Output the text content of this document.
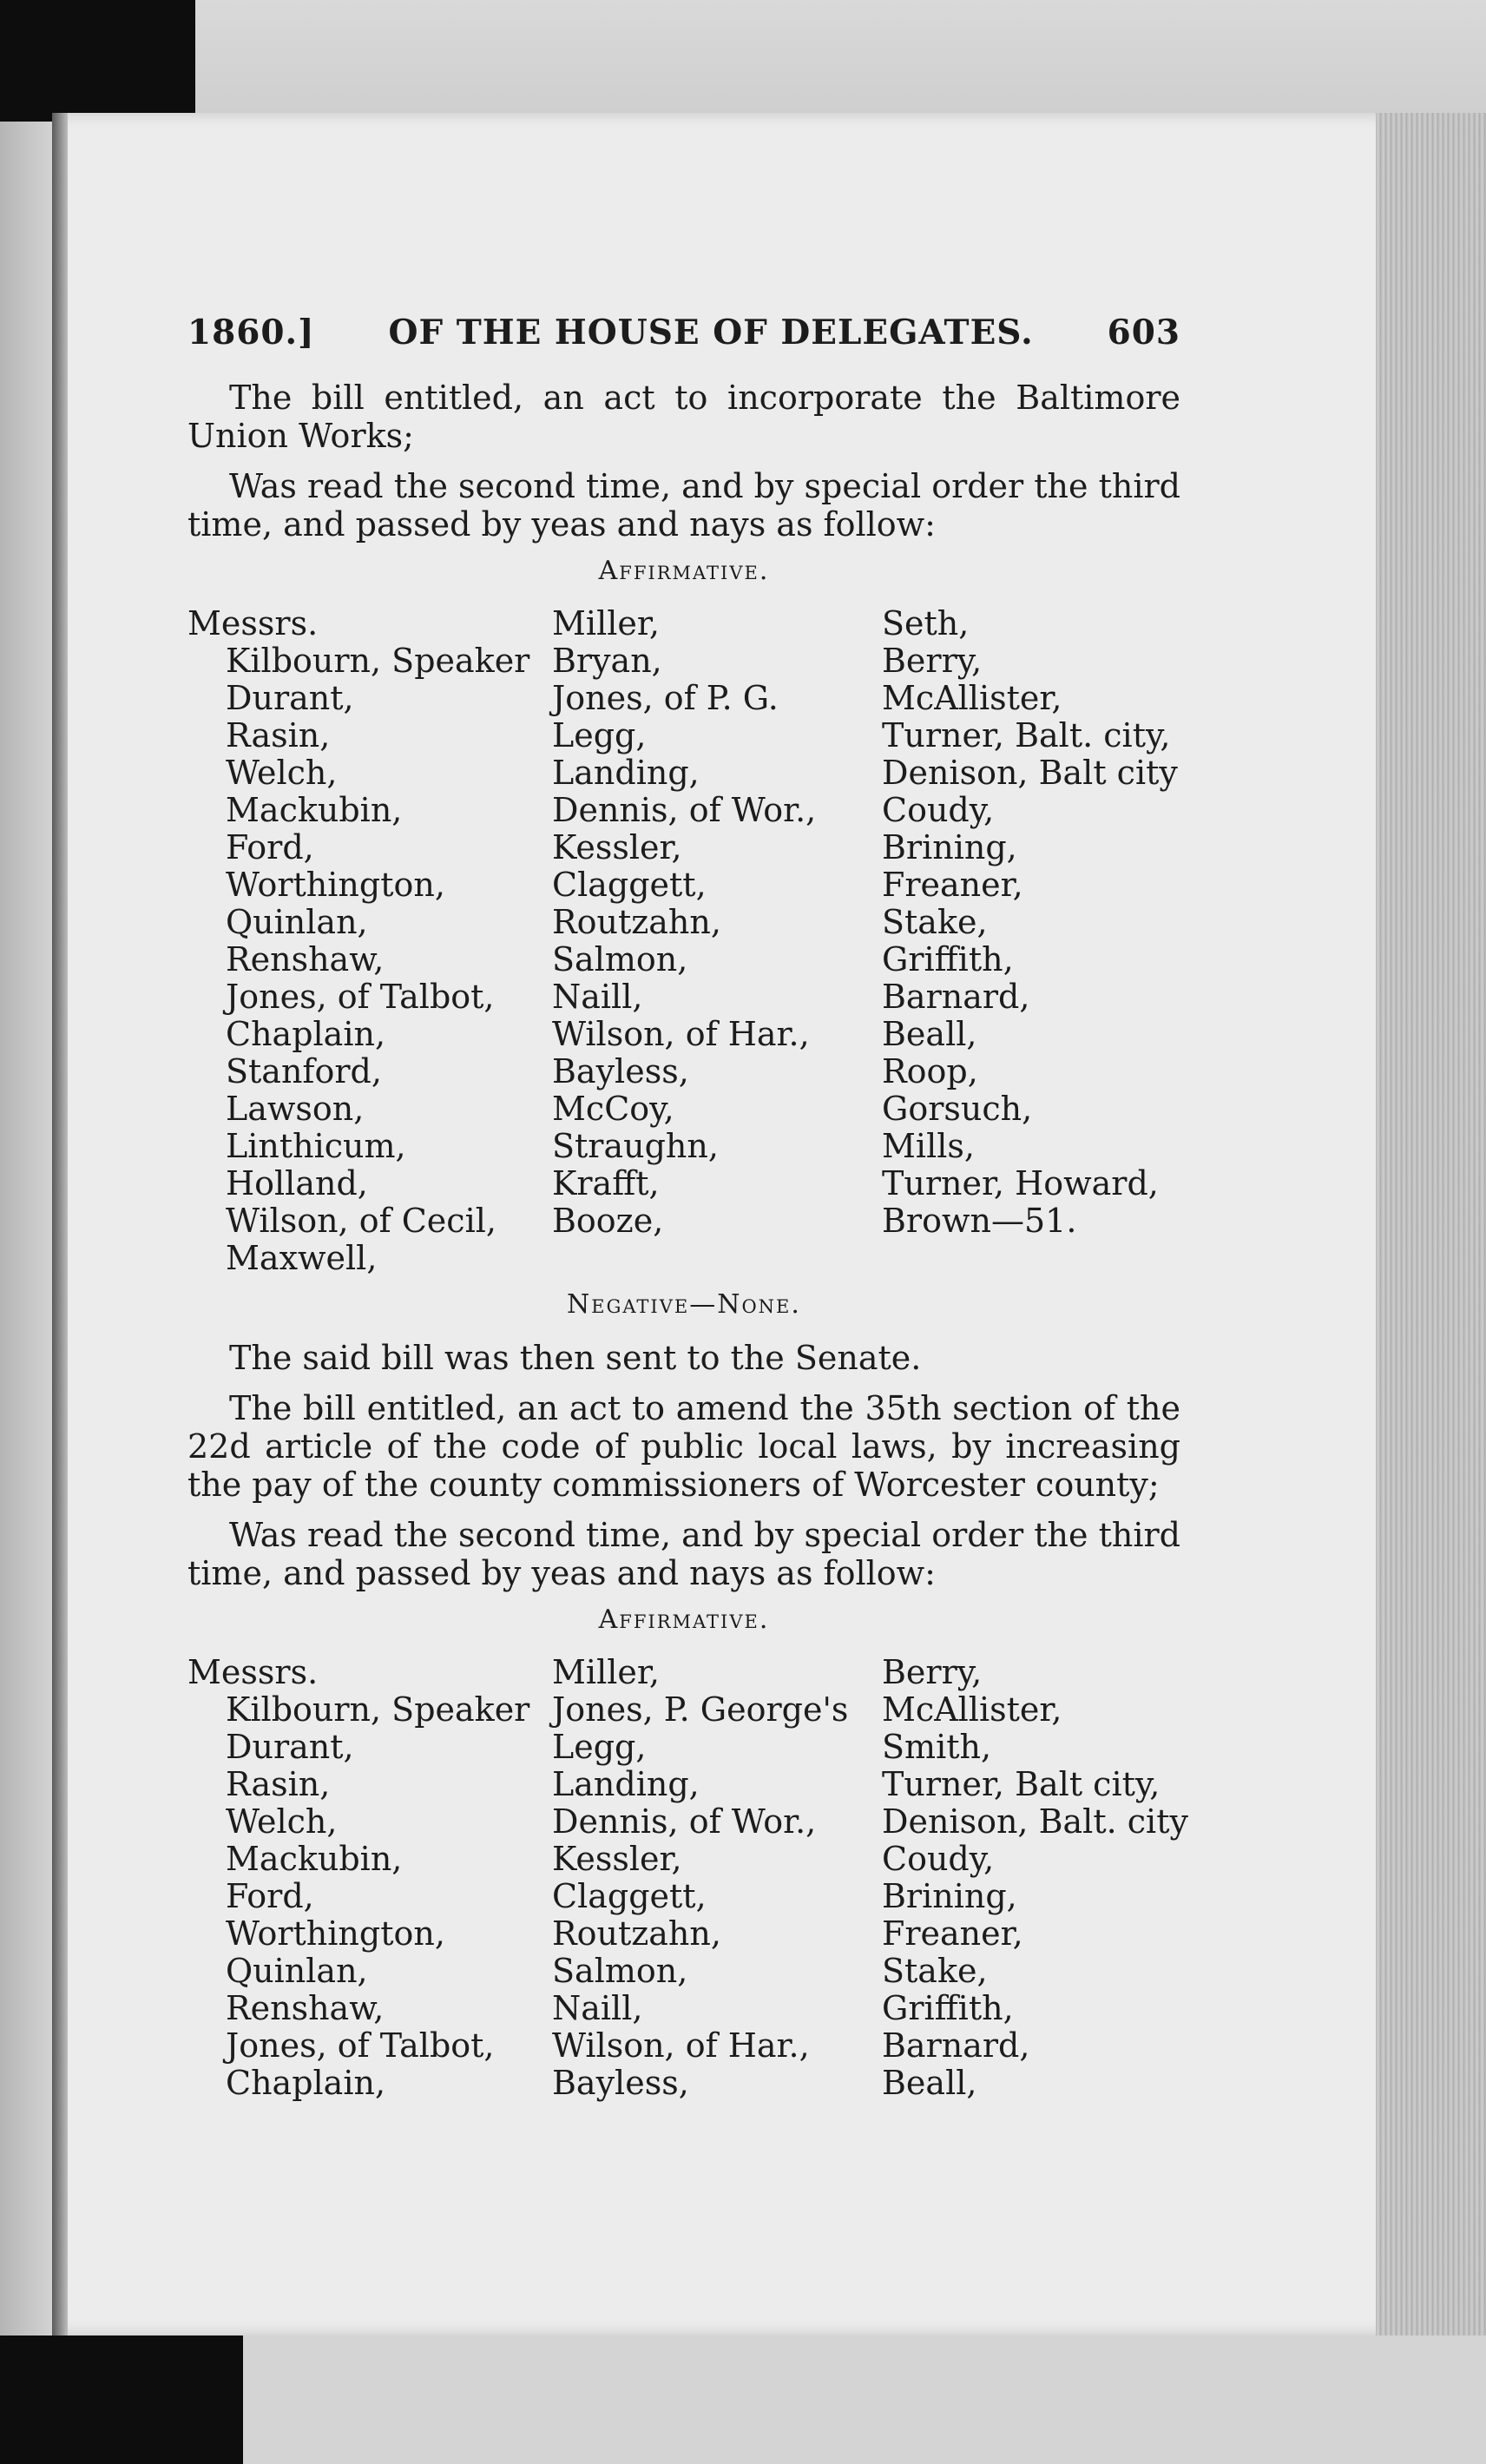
1860.] OF THE HOUSE OF DELEGATES. 603

The bill entitled, an act to incorporate the Baltimore Union Works;

Was read the second time, and by special order the third time, and passed by yeas and nays as follow:

Affirmative.
Messrs.
Kilbourn, Speaker
Durant,
Rasin,
Welch,
Mackubin,
Ford,
Worthington,
Quinlan,
Renshaw,
Jones, of Talbot,
Chaplain,
Stanford,
Lawson,
Linthicum,
Holland,
Wilson, of Cecil,
Maxwell,
Miller,
Bryan,
Jones, of P. G.
Legg,
Landing,
Dennis, of Wor.,
Kessler,
Claggett,
Routzahn,
Salmon,
Naill,
Wilson, of Har.,
Bayless,
McCoy,
Straughn,
Krafft,
Booze,
Seth,
Berry,
McAllister,
Turner, Balt. city,
Denison, Balt city
Coudy,
Brining,
Freaner,
Stake,
Griffith,
Barnard,
Beall,
Roop,
Gorsuch,
Mills,
Turner, Howard,
Brown—51.
Negative—None.

The said bill was then sent to the Senate.

The bill entitled, an act to amend the 35th section of the 22d article of the code of public local laws, by increasing the pay of the county commissioners of Worcester county;

Was read the second time, and by special order the third time, and passed by yeas and nays as follow:

Affirmative.
Messrs.
Kilbourn, Speaker
Durant,
Rasin,
Welch,
Mackubin,
Ford,
Worthington,
Quinlan,
Renshaw,
Jones, of Talbot,
Chaplain,
Miller,
Jones, P. George's
Legg,
Landing,
Dennis, of Wor.,
Kessler,
Claggett,
Routzahn,
Salmon,
Naill,
Wilson, of Har.,
Bayless,
Berry,
McAllister,
Smith,
Turner, Balt city,
Denison, Balt. city
Coudy,
Brining,
Freaner,
Stake,
Griffith,
Barnard,
Beall,
